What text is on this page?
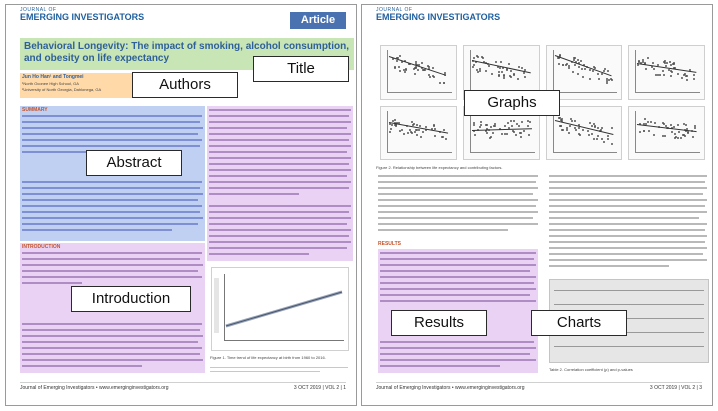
JOURNAL OF
EMERGING INVESTIGATORS	Article
Behavioral Longevity: The impact of smoking, alcohol consumption, and obesity on life expectancy
Jun Ho Han¹ and Tongmei
¹North Oconee High School, GA
²University of North Georgia, Dahlonega, GA
SUMMARY
INTRODUCTION
Figure 1. Time trend of life expectancy at birth from 1960 to 2016.
Journal of Emerging Investigators • www.emerginginvestigators.org	3 OCT 2019 | VOL 2 | 1
JOURNAL OF
EMERGING INVESTIGATORS
Figure 2. Relationship between life expectancy and contributing factors.
RESULTS
Table 2. Correlation coefficient (ρ) and p-values
Journal of Emerging Investigators • www.emerginginvestigators.org	3 OCT 2019 | VOL 2 | 3
Authors
Title
Abstract
Introduction
Graphs
Results	Charts
